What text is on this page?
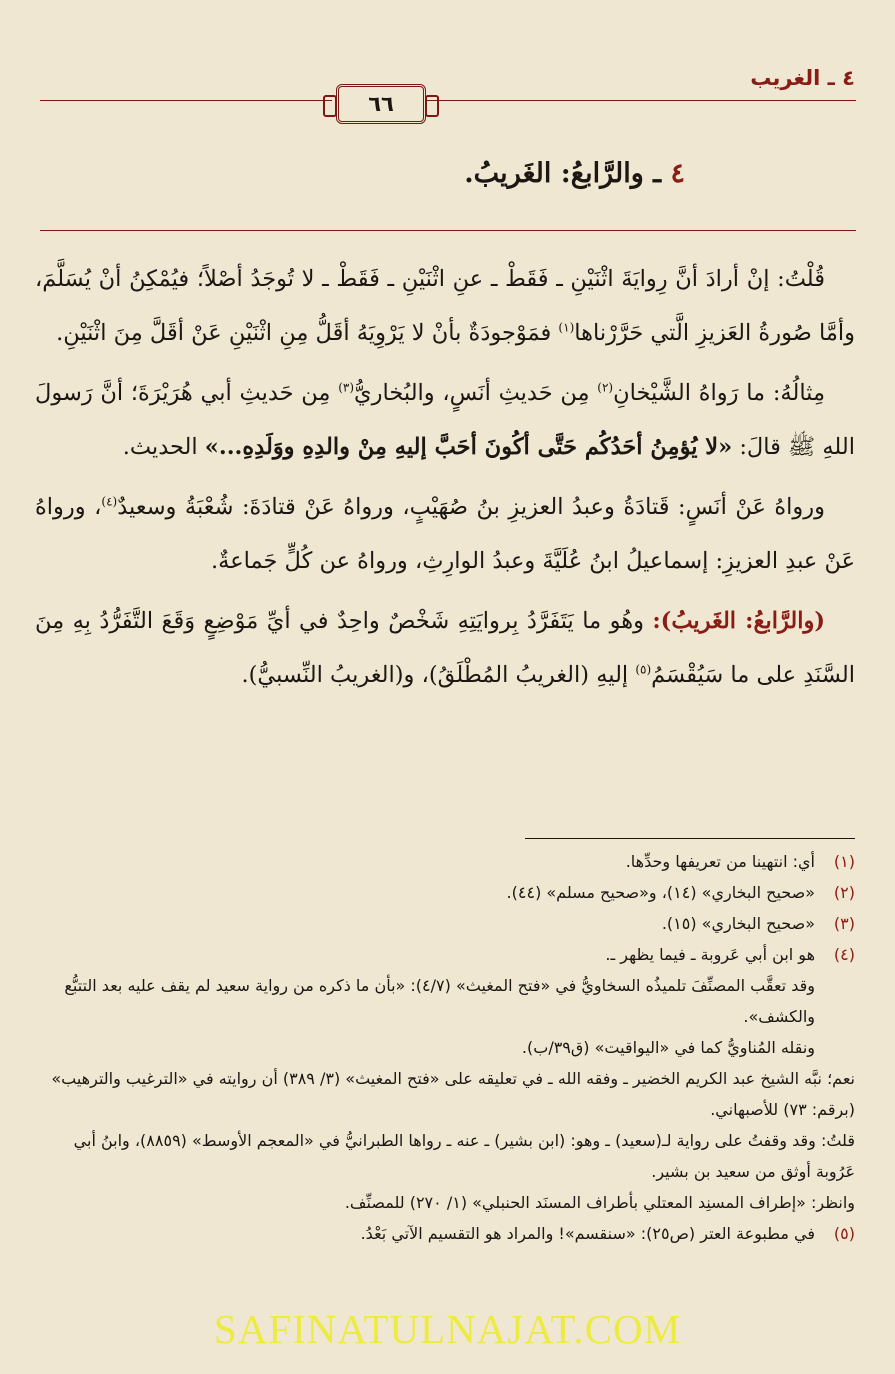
٤ ـ الغريب
٦٦
٤ ـ والرَّابعُ: الغَريبُ.

قُلْتُ: إنْ أرادَ أنَّ رِوايَةَ اثْنَيْنِ ـ فَقَطْ ـ عنِ اثْنَيْنِ ـ فَقَطْ ـ لا تُوجَدُ أصْلاً؛ فيُمْكِنُ أنْ يُسَلَّمَ، وأمَّا صُورةُ العَزيزِ الَّتي حَرَّرْناها$^{(١)}$ فمَوْجودَةٌ بأنْ لا يَرْوِيَهُ أقَلُّ مِنِ اثْنَيْنِ عَنْ أقَلَّ مِنَ اثْنَيْنِ.

مِثالُهُ: ما رَواهُ الشَّيْخانِ$^{(٢)}$ مِن حَديثِ أنَسٍ، والبُخاريُّ$^{(٣)}$ مِن حَديثِ أبي هُرَيْرَةَ؛ أنَّ رَسولَ اللهِ ﷺ قالَ: «لا يُؤمِنُ أحَدُكُم حَتَّى أكُونَ أحَبَّ إليهِ مِنْ والدِهِ ووَلَدِهِ...» الحديث.

ورواهُ عَنْ أنَسٍ: قَتادَةُ وعبدُ العزيزِ بنُ صُهَيْبٍ، ورواهُ عَنْ قتادَةَ: شُعْبَةُ وسعيدٌ$^{(٤)}$، ورواهُ عَنْ عبدِ العزيزِ: إسماعيلُ ابنُ عُلَيَّةَ وعبدُ الوارِثِ، ورواهُ عن كُلٍّ جَماعةٌ.

(والرَّابعُ: الغَريبُ): وهُو ما يَتَفَرَّدُ بِروايَتِهِ شَخْصٌ واحِدٌ في أيِّ مَوْضِعٍ وَقَعَ التَّفَرُّدُ بِهِ مِنَ السَّنَدِ على ما سَيُقْسَمُ$^{(٥)}$ إليهِ (الغريبُ المُطْلَقُ)، و(الغريبُ النِّسبيُّ).

(١)
أي: انتهينا من تعريفها وحدِّها.
(٢)
«صحيح البخاري» (١٤)، و«صحيح مسلم» (٤٤).
(٣)
«صحيح البخاري» (١٥).
(٤)
هو ابن أبي عَروبة ـ فيما يظهر ـ.
وقد تعقَّب المصنِّفَ تلميذُه السخاويُّ في «فتح المغيث» (٤/٧): «بأن ما ذكره من رواية سعيد لم يقف عليه بعد التتبُّع والكشف».
ونقله المُناويُّ كما في «اليواقيت» (ق٣٩/ب).
نعم؛ نبَّه الشيخ عبد الكريم الخضير ـ وفقه الله ـ في تعليقه على «فتح المغيث» (٣/ ٣٨٩) أن روايته في «الترغيب والترهيب» (برقم: ٧٣) للأصبهاني.
قلتُ: وقد وقفتُ على رواية لـ(سعيد) ـ وهو: (ابن بشير) ـ عنه ـ رواها الطبرانيُّ في «المعجم الأوسط» (٨٨٥٩)، وابنُ أبي عَرُوبة أوثق من سعيد بن بشير.
وانظر: «إطراف المسنِد المعتلي بأطراف المسنَد الحنبلي» (١/ ٢٧٠) للمصنِّف.
(٥)
في مطبوعة العتر (ص٢٥): «سنقسم»! والمراد هو التقسيم الآتي بَعْدُ.
SAFINATULNAJAT.COM
